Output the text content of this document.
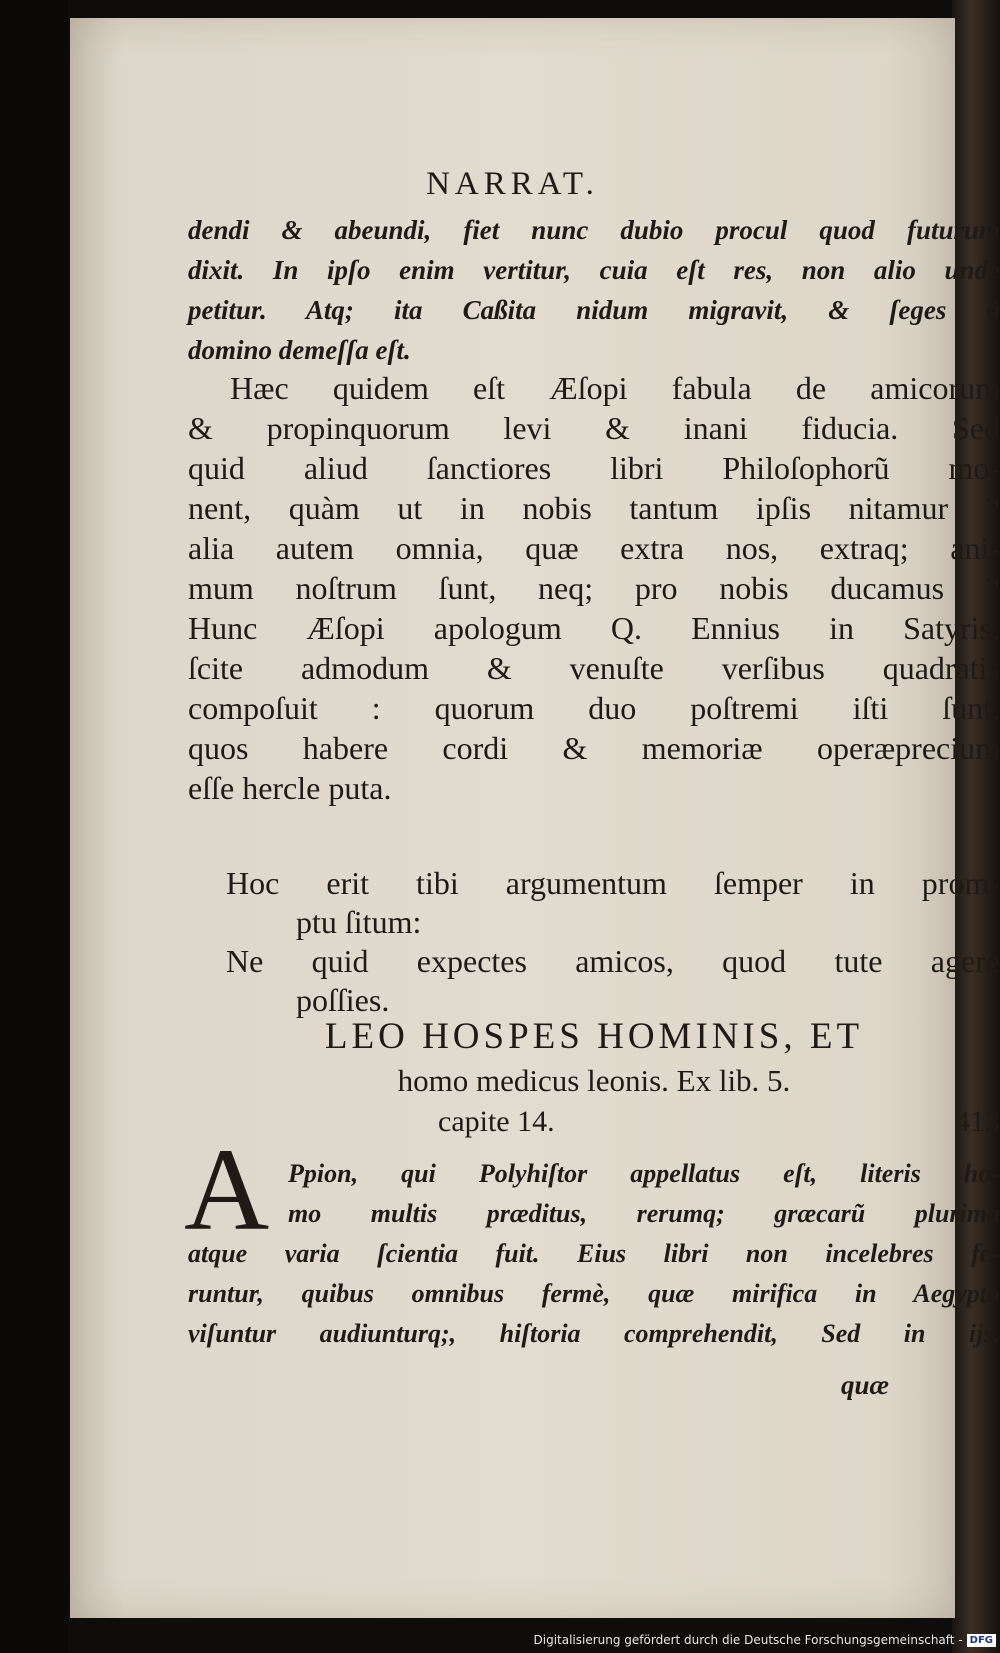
NARRAT.
dendi & abeundi, fiet nunc dubio procul quod futurum
dixit. In ipſo enim vertitur, cuia eſt res, non alio unde
petitur. Atq; ita Caßita nidum migravit, & ſeges à
domino demeſſa eſt.
Hæc quidem eſt Æſopi fabula de amicorum
& propinquorum levi & inani fiducia. Sed
quid aliud ſanctiores libri Philoſophorũ mo-
nent, quàm ut in nobis tantum ipſis nitamur ?
alia autem omnia, quæ extra nos, extraq; ani-
mum noſtrum ſunt, neq; pro nobis ducamus ?
Hunc Æſopi apologum Q. Ennius in Satyris,
ſcite admodum & venuſte verſibus quadratis
compoſuit : quorum duo poſtremi iſti ſunt,
quos habere cordi & memoriæ operæprecium
eſſe hercle puta.
Hoc erit tibi argumentum ſemper in prom-
ptu ſitum:
Ne quid expectes amicos, quod tute agere
poſſies.
LEO HOSPES HOMINIS, ET
homo medicus leonis. Ex lib. 5.
capite 14.	413
A Ppion, qui Polyhiſtor appellatus eſt, literis ho-
mo multis præditus, rerumq; græcarũ plurima
atque varia ſcientia fuit. Eius libri non incelebres fe-
runtur, quibus omnibus fermè, quæ mirifica in Aegypto
viſuntur audiunturq;, hiſtoria comprehendit, Sed in ijs,
quæ
Digitalisierung gefördert durch die Deutsche Forschungsgemeinschaft - DFG
